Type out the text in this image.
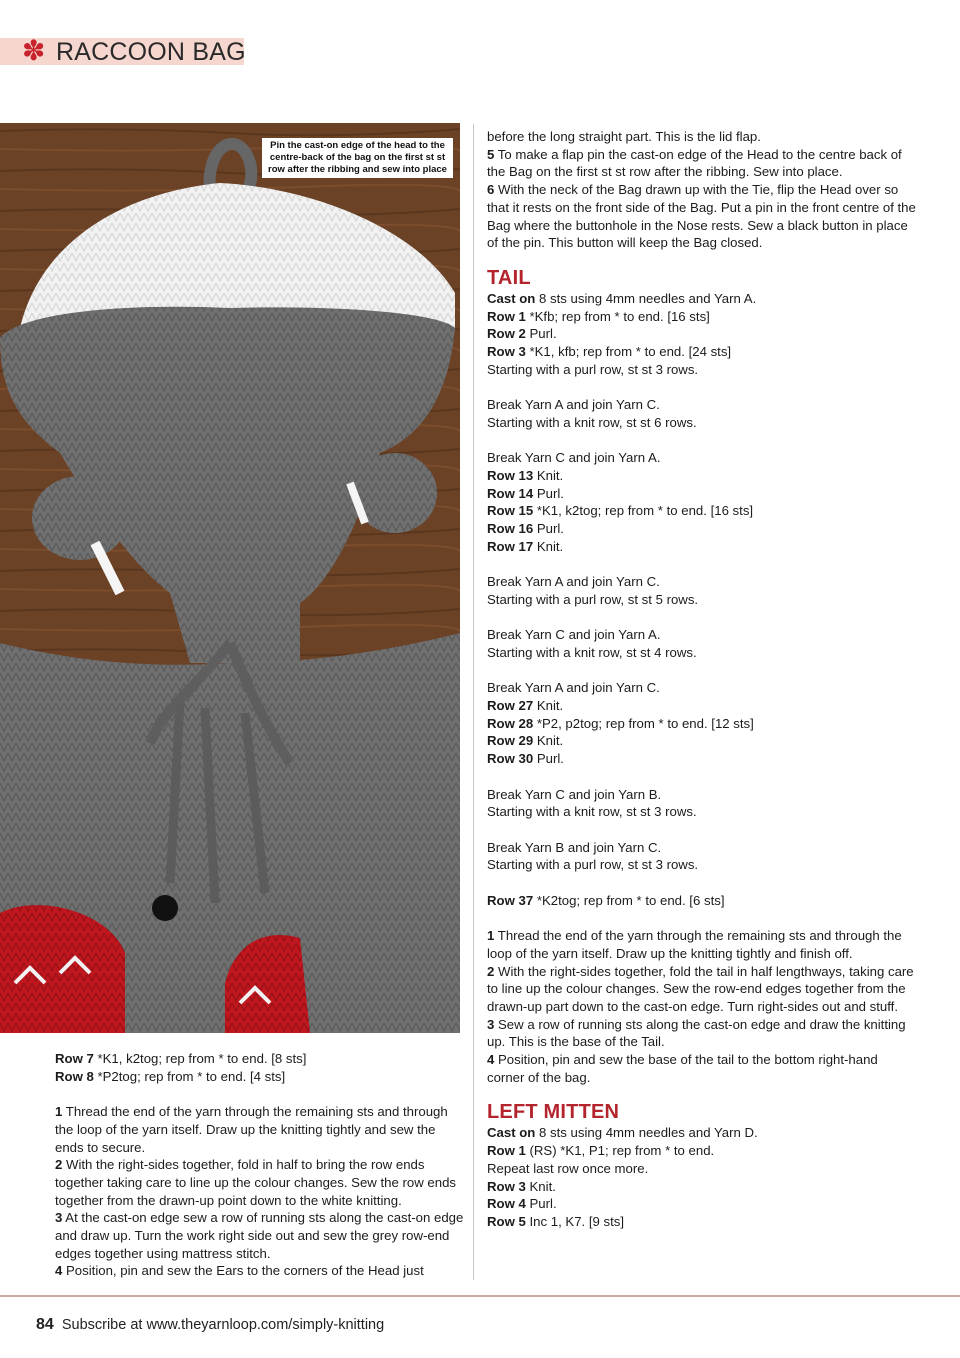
✽ RACCOON BAG
Pin the cast-on edge of the head to the centre-back of the bag on the first st st row after the ribbing and sew into place

Row 7 *K1, k2tog; rep from * to end. [8 sts]

Row 8 *P2tog; rep from * to end. [4 sts]

1 Thread the end of the yarn through the remaining sts and through the loop of the yarn itself. Draw up the knitting tightly and sew the ends to secure.

2 With the right-sides together, fold in half to bring the row ends together taking care to line up the colour changes. Sew the row ends together from the drawn-up point down to the white knitting.

3 At the cast-on edge sew a row of running sts along the cast-on edge and draw up. Turn the work right side out and sew the grey row-end edges together using mattress stitch.

4 Position, pin and sew the Ears to the corners of the Head just

before the long straight part. This is the lid flap.

5 To make a flap pin the cast-on edge of the Head to the centre back of the Bag on the first st st row after the ribbing. Sew into place.

6 With the neck of the Bag drawn up with the Tie, flip the Head over so that it rests on the front side of the Bag. Put a pin in the front centre of the Bag where the buttonhole in the Nose rests. Sew a black button in place of the pin. This button will keep the Bag closed.

TAIL

Cast on 8 sts using 4mm needles and Yarn A.

Row 1 *Kfb; rep from * to end. [16 sts]

Row 2 Purl.

Row 3 *K1, kfb; rep from * to end. [24 sts]

Starting with a purl row, st st 3 rows.

Break Yarn A and join Yarn C.

Starting with a knit row, st st 6 rows.

Break Yarn C and join Yarn A.

Row 13 Knit.

Row 14 Purl.

Row 15 *K1, k2tog; rep from * to end. [16 sts]

Row 16 Purl.

Row 17 Knit.

Break Yarn A and join Yarn C.

Starting with a purl row, st st 5 rows.

Break Yarn C and join Yarn A.

Starting with a knit row, st st 4 rows.

Break Yarn A and join Yarn C.

Row 27 Knit.

Row 28 *P2, p2tog; rep from * to end. [12 sts]

Row 29 Knit.

Row 30 Purl.

Break Yarn C and join Yarn B.

Starting with a knit row, st st 3 rows.

Break Yarn B and join Yarn C.

Starting with a purl row, st st 3 rows.

Row 37 *K2tog; rep from * to end. [6 sts]

1 Thread the end of the yarn through the remaining sts and through the loop of the yarn itself. Draw up the knitting tightly and finish off.

2 With the right-sides together, fold the tail in half lengthways, taking care to line up the colour changes. Sew the row-end edges together from the drawn-up part down to the cast-on edge. Turn right-sides out and stuff.

3 Sew a row of running sts along the cast-on edge and draw the knitting up. This is the base of the Tail.

4 Position, pin and sew the base of the tail to the bottom right-hand corner of the bag.

LEFT MITTEN

Cast on 8 sts using 4mm needles and Yarn D.

Row 1 (RS) *K1, P1; rep from * to end.

Repeat last row once more.

Row 3 Knit.

Row 4 Purl.

Row 5 Inc 1, K7. [9 sts]

84 Subscribe at www.theyarnloop.com/simply-knitting
